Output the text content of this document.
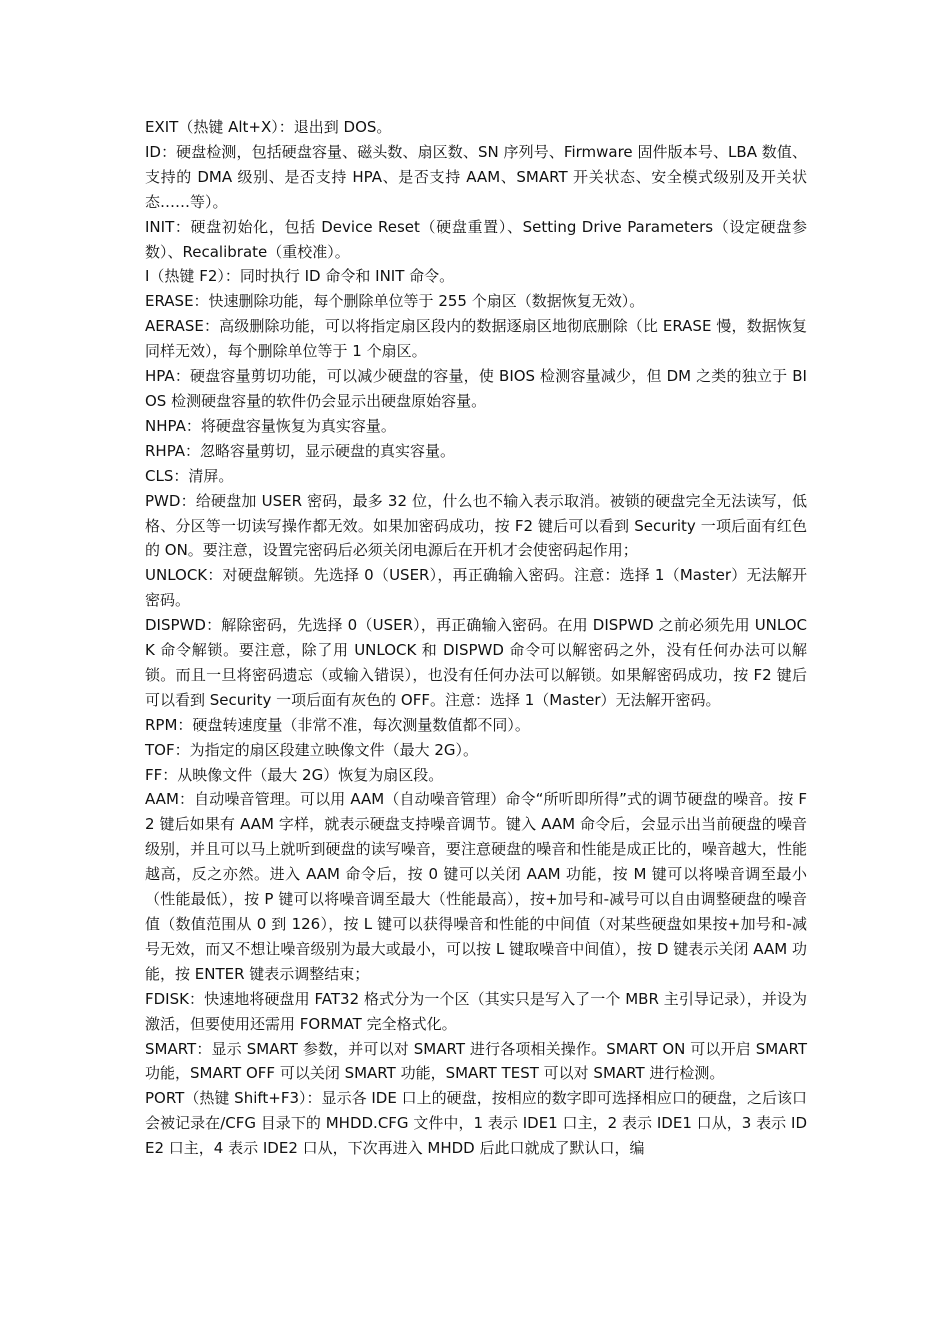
EXIT（热键 Alt+X）：退出到 DOS。

ID：硬盘检测，包括硬盘容量、磁头数、扇区数、SN 序列号、Firmware 固件版本号、LBA 数值、支持的 DMA 级别、是否支持 HPA、是否支持 AAM、SMART 开关状态、安全模式级别及开关状态……等）。

INIT：硬盘初始化，包括 Device Reset（硬盘重置）、Setting Drive Parameters（设定硬盘参数）、Recalibrate（重校准）。

I（热键 F2）：同时执行 ID 命令和 INIT 命令。

ERASE：快速删除功能，每个删除单位等于 255 个扇区（数据恢复无效）。

AERASE：高级删除功能，可以将指定扇区段内的数据逐扇区地彻底删除（比 ERASE 慢，数据恢复同样无效），每个删除单位等于 1 个扇区。

HPA：硬盘容量剪切功能，可以减少硬盘的容量，使 BIOS 检测容量减少，但 DM 之类的独立于 BIOS 检测硬盘容量的软件仍会显示出硬盘原始容量。

NHPA：将硬盘容量恢复为真实容量。

RHPA：忽略容量剪切，显示硬盘的真实容量。

CLS：清屏。

PWD：给硬盘加 USER 密码，最多 32 位，什么也不输入表示取消。被锁的硬盘完全无法读写，低格、分区等一切读写操作都无效。如果加密码成功，按 F2 键后可以看到 Security 一项后面有红色的 ON。要注意，设置完密码后必须关闭电源后在开机才会使密码起作用；

UNLOCK：对硬盘解锁。先选择 0（USER），再正确输入密码。注意：选择 1（Master）无法解开密码。

DISPWD：解除密码，先选择 0（USER），再正确输入密码。在用 DISPWD 之前必须先用 UNLOCK 命令解锁。要注意，除了用 UNLOCK 和 DISPWD 命令可以解密码之外，没有任何办法可以解锁。而且一旦将密码遗忘（或输入错误），也没有任何办法可以解锁。如果解密码成功，按 F2 键后可以看到 Security 一项后面有灰色的 OFF。注意：选择 1（Master）无法解开密码。

RPM：硬盘转速度量（非常不准，每次测量数值都不同）。

TOF：为指定的扇区段建立映像文件（最大 2G）。

FF：从映像文件（最大 2G）恢复为扇区段。

AAM：自动噪音管理。可以用 AAM（自动噪音管理）命令“所听即所得”式的调节硬盘的噪音。按 F2 键后如果有 AAM 字样，就表示硬盘支持噪音调节。键入 AAM 命令后，会显示出当前硬盘的噪音级别，并且可以马上就听到硬盘的读写噪音，要注意硬盘的噪音和性能是成正比的，噪音越大，性能越高，反之亦然。进入 AAM 命令后，按 0 键可以关闭 AAM 功能，按 M 键可以将噪音调至最小（性能最低），按 P 键可以将噪音调至最大（性能最高），按+加号和-减号可以自由调整硬盘的噪音值（数值范围从 0 到 126），按 L 键可以获得噪音和性能的中间值（对某些硬盘如果按+加号和-减号无效，而又不想让噪音级别为最大或最小，可以按 L 键取噪音中间值），按 D 键表示关闭 AAM 功能，按 ENTER 键表示调整结束；

FDISK：快速地将硬盘用 FAT32 格式分为一个区（其实只是写入了一个 MBR 主引导记录），并设为激活，但要使用还需用 FORMAT 完全格式化。

SMART：显示 SMART 参数，并可以对 SMART 进行各项相关操作。SMART ON 可以开启 SMART 功能，SMART OFF 可以关闭 SMART 功能，SMART TEST 可以对 SMART 进行检测。

PORT（热键 Shift+F3）：显示各 IDE 口上的硬盘，按相应的数字即可选择相应口的硬盘，之后该口会被记录在/CFG 目录下的 MHDD.CFG 文件中，1 表示 IDE1 口主，2 表示 IDE1 口从，3 表示 IDE2 口主，4 表示 IDE2 口从，下次再进入 MHDD 后此口就成了默认口，编
